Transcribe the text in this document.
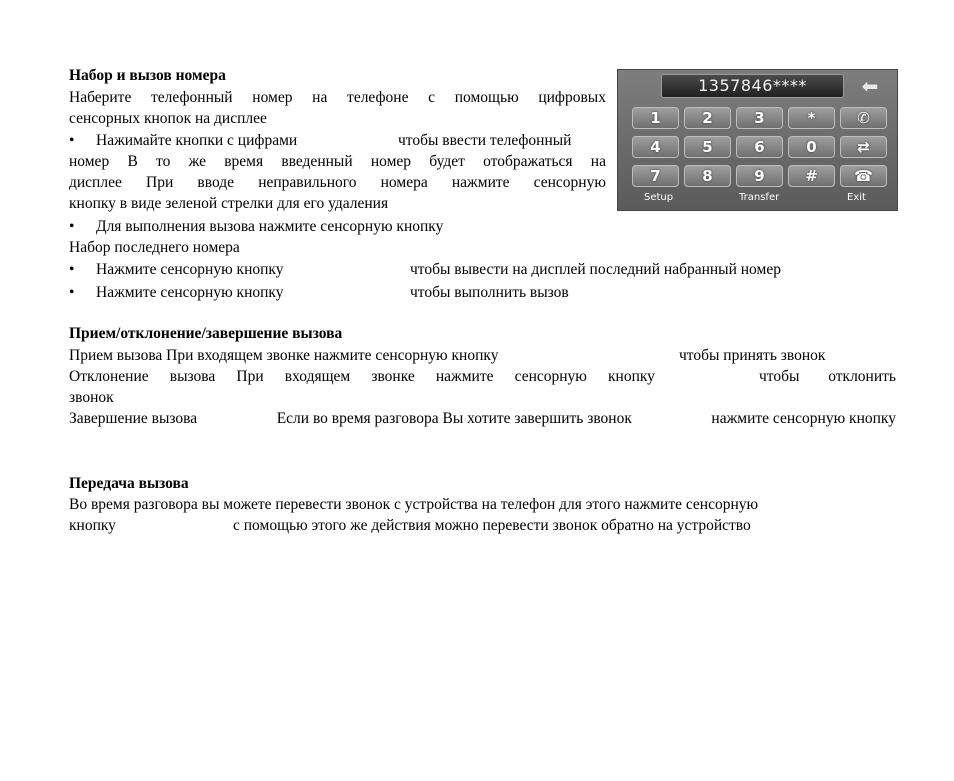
Набор и вызов номера
Наберите телефонный номер на телефоне с помощью цифровых
сенсорных кнопок на дисплее
• Нажимайте кнопки с цифрами	чтобы ввести телефонный
номер В то же время введенный номер будет отображаться на
дисплее При вводе неправильного номера нажмите сенсорную
кнопку в виде зеленой стрелки для его удаления
• Для выполнения вызова нажмите сенсорную кнопку
Набор последнего номера
• Нажмите сенсорную кнопку	чтобы вывести на дисплей последний набранный номер
• Нажмите сенсорную кнопку	чтобы выполнить вызов
Прием/отклонение/завершение вызова
Прием вызова При входящем звонке нажмите сенсорную кнопку	чтобы принять звонок
Отклонение вызова При входящем звонке нажмите сенсорную кнопку	чтобы отклонить
звонок
Завершение вызова	Если во время разговора Вы хотите завершить звонок	нажмите сенсорную кнопку
Передача вызова
Во время разговора вы можете перевести звонок с устройства на телефон для этого нажмите сенсорную
кнопку	с помощью этого же действия можно перевести звонок обратно на устройство
1357846****	⬅
1	2	3	*	✆
4	5	6	0	⇄
7	8	9	#	☎
Setup	Transfer	Exit
